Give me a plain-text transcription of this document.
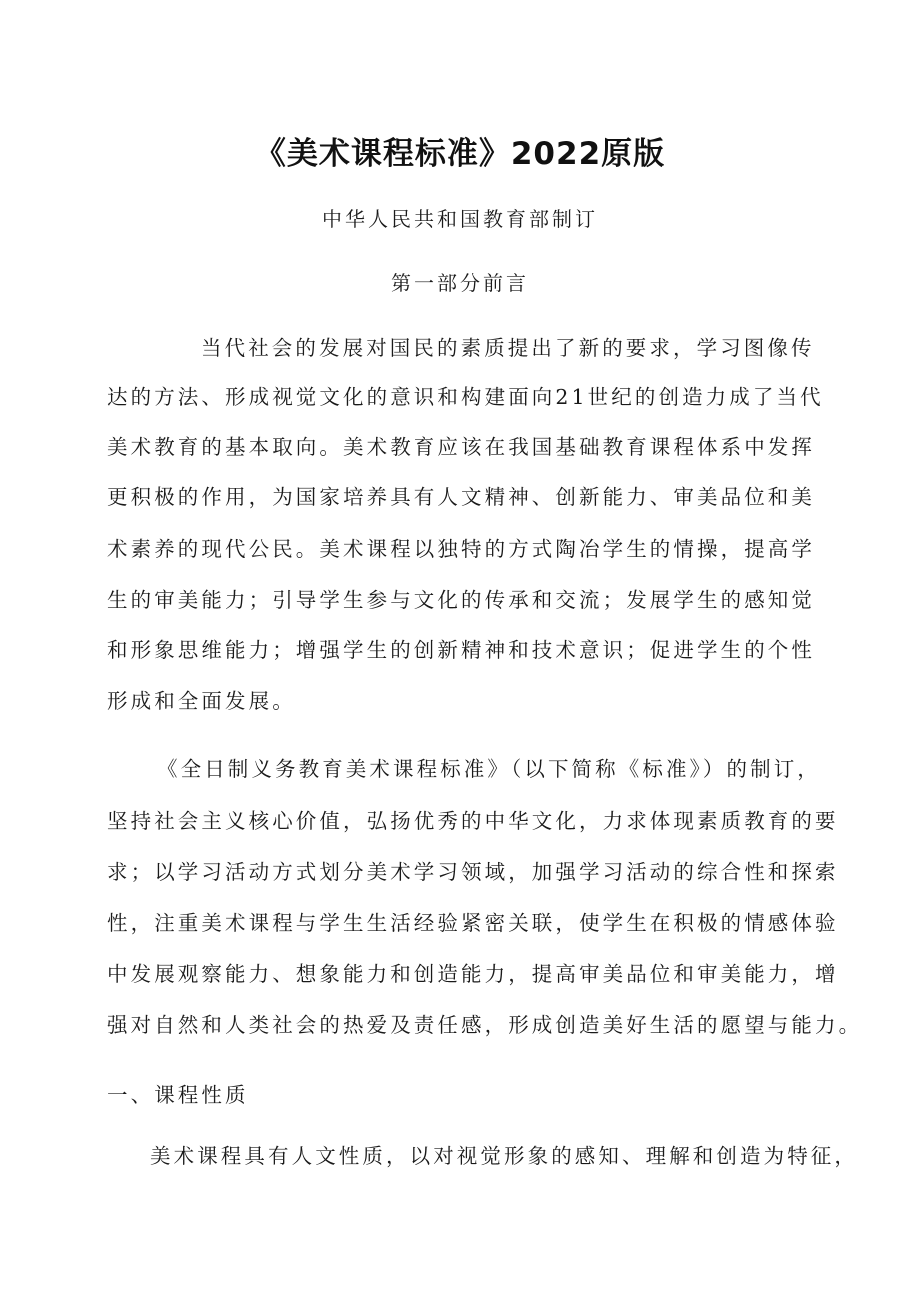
《美术课程标准》2022原版
中华人民共和国教育部制订
第一部分前言
当代社会的发展对国民的素质提出了新的要求，学习图像传
达的方法、形成视觉文化的意识和构建面向21世纪的创造力成了当代
美术教育的基本取向。美术教育应该在我国基础教育课程体系中发挥
更积极的作用，为国家培养具有人文精神、创新能力、审美品位和美
术素养的现代公民。美术课程以独特的方式陶冶学生的情操，提高学
生的审美能力；引导学生参与文化的传承和交流；发展学生的感知觉
和形象思维能力；增强学生的创新精神和技术意识；促进学生的个性
形成和全面发展。
《全日制义务教育美术课程标准》（以下简称《标准》）的制订，
坚持社会主义核心价值，弘扬优秀的中华文化，力求体现素质教育的要
求；以学习活动方式划分美术学习领域，加强学习活动的综合性和探索
性，注重美术课程与学生生活经验紧密关联，使学生在积极的情感体验
中发展观察能力、想象能力和创造能力，提高审美品位和审美能力，增
强对自然和人类社会的热爱及责任感，形成创造美好生活的愿望与能力。
一、课程性质
美术课程具有人文性质，以对视觉形象的感知、理解和创造为特征，
